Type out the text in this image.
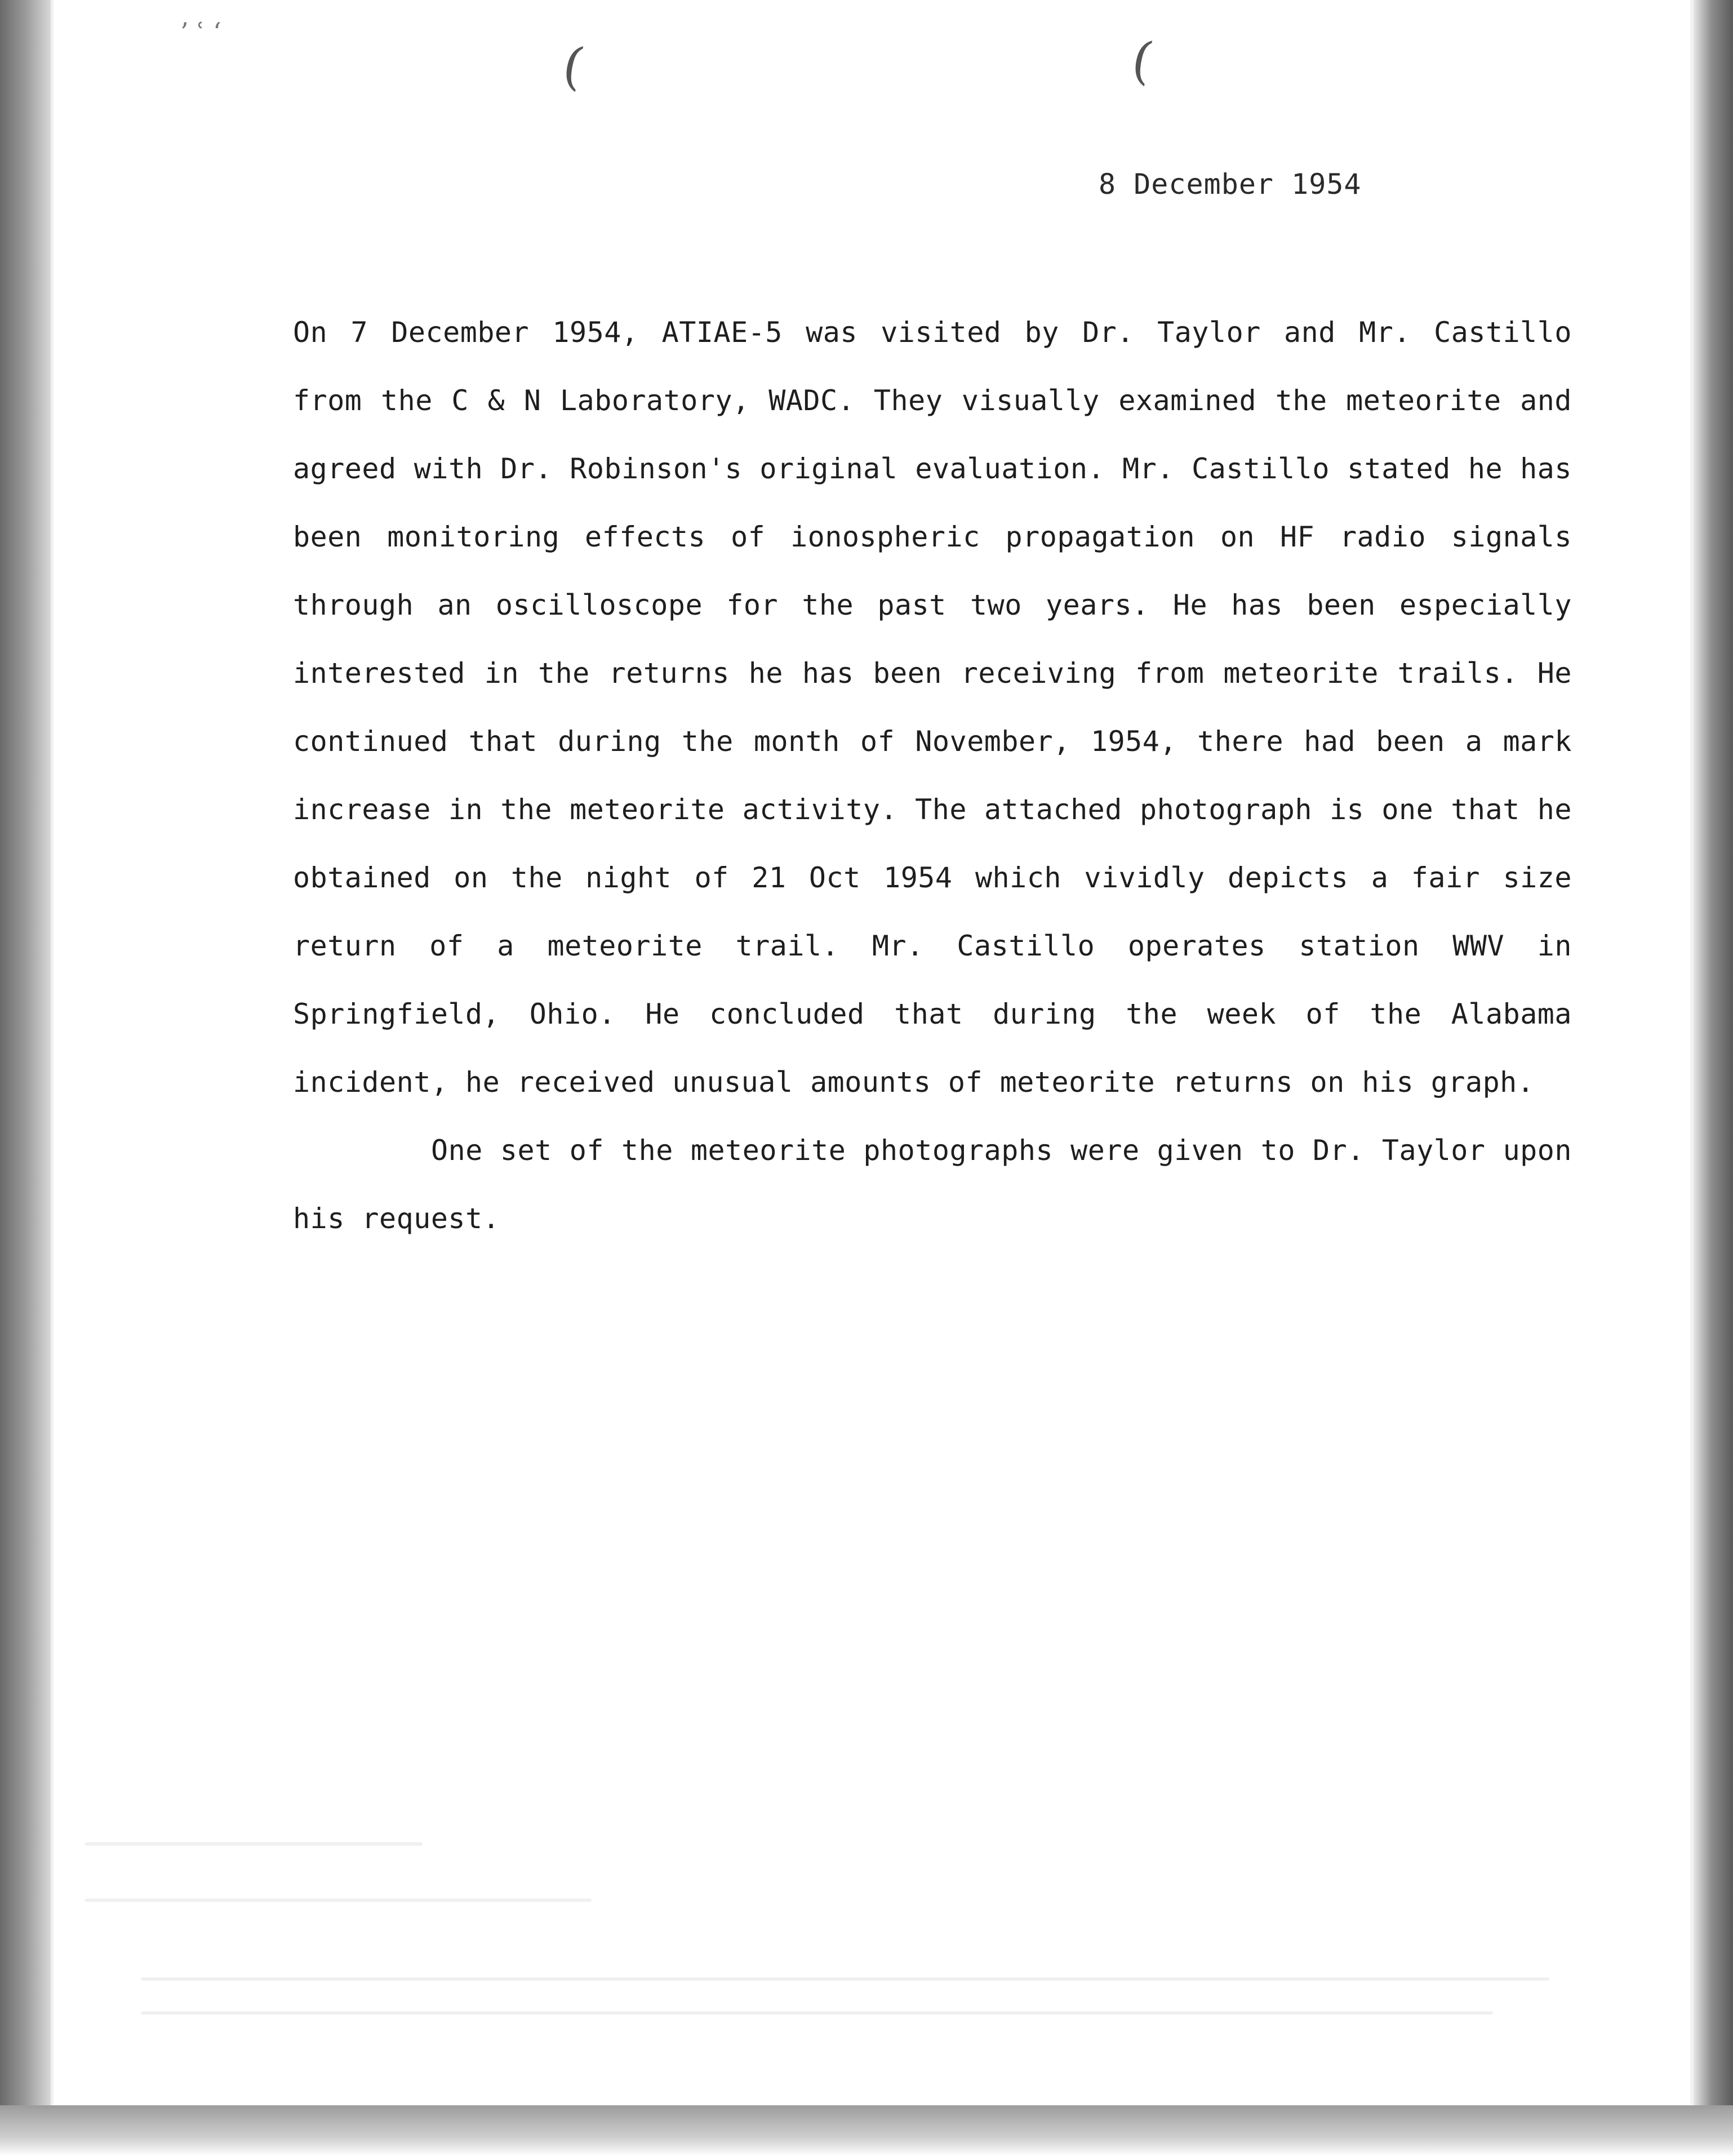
’ ʿ ‘
(	(
8 December 1954

On 7 December 1954, ATIAE-5 was visited by Dr. Taylor and Mr. Castillo from the C & N Laboratory, WADC. They visually examined the meteorite and agreed with Dr. Robinson's original evaluation. Mr. Castillo stated he has been monitoring effects of ionospheric propagation on HF radio signals through an oscilloscope for the past two years. He has been especially interested in the returns he has been receiving from meteorite trails. He continued that during the month of November, 1954, there had been a mark increase in the meteorite activity. The attached photograph is one that he obtained on the night of 21 Oct 1954 which vividly depicts a fair size return of a meteorite trail. Mr. Castillo operates station WWV in Springfield, Ohio. He concluded that during the week of the Alabama incident, he received unusual amounts of meteorite returns on his graph.

One set of the meteorite photographs were given to Dr. Taylor upon his request.
